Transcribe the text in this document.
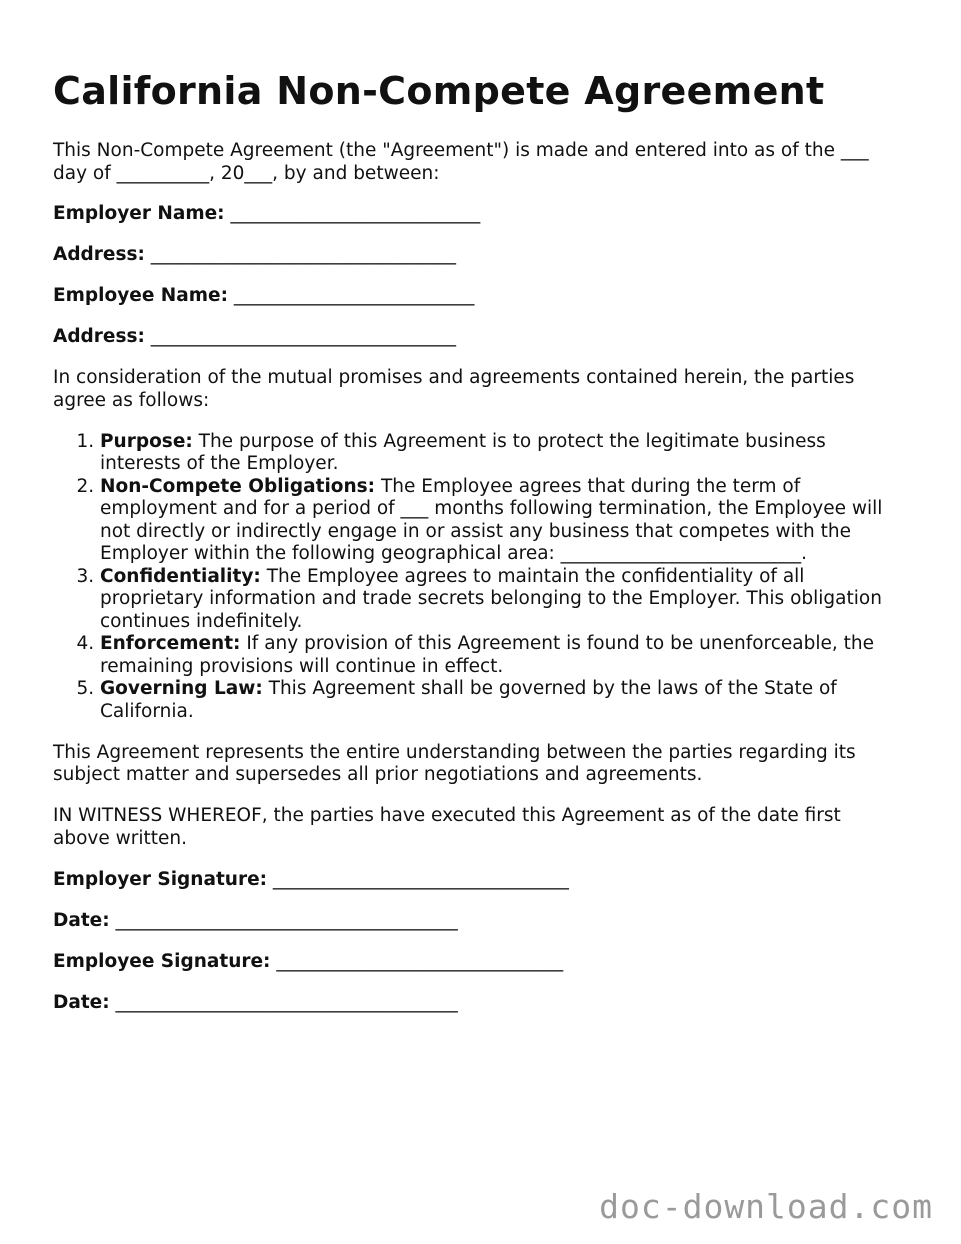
California Non-Compete Agreement

This Non-Compete Agreement (the "Agreement") is made and entered into as of the ___ day of __________, 20___, by and between:

Employer Name: ___________________________
Address: _________________________________
Employee Name: __________________________
Address: _________________________________

In consideration of the mutual promises and agreements contained herein, the parties agree as follows:

1. Purpose: The purpose of this Agreement is to protect the legitimate business interests of the Employer.
2. Non-Compete Obligations: The Employee agrees that during the term of employment and for a period of ___ months following termination, the Employee will not directly or indirectly engage in or assist any business that competes with the Employer within the following geographical area: __________________________.
3. Confidentiality: The Employee agrees to maintain the confidentiality of all proprietary information and trade secrets belonging to the Employer. This obligation continues indefinitely.
4. Enforcement: If any provision of this Agreement is found to be unenforceable, the remaining provisions will continue in effect.
5. Governing Law: This Agreement shall be governed by the laws of the State of California.

This Agreement represents the entire understanding between the parties regarding its subject matter and supersedes all prior negotiations and agreements.

IN WITNESS WHEREOF, the parties have executed this Agreement as of the date first above written.

Employer Signature: ________________________________
Date: _____________________________________
Employee Signature: _______________________________
Date: _____________________________________
doc-download.com
